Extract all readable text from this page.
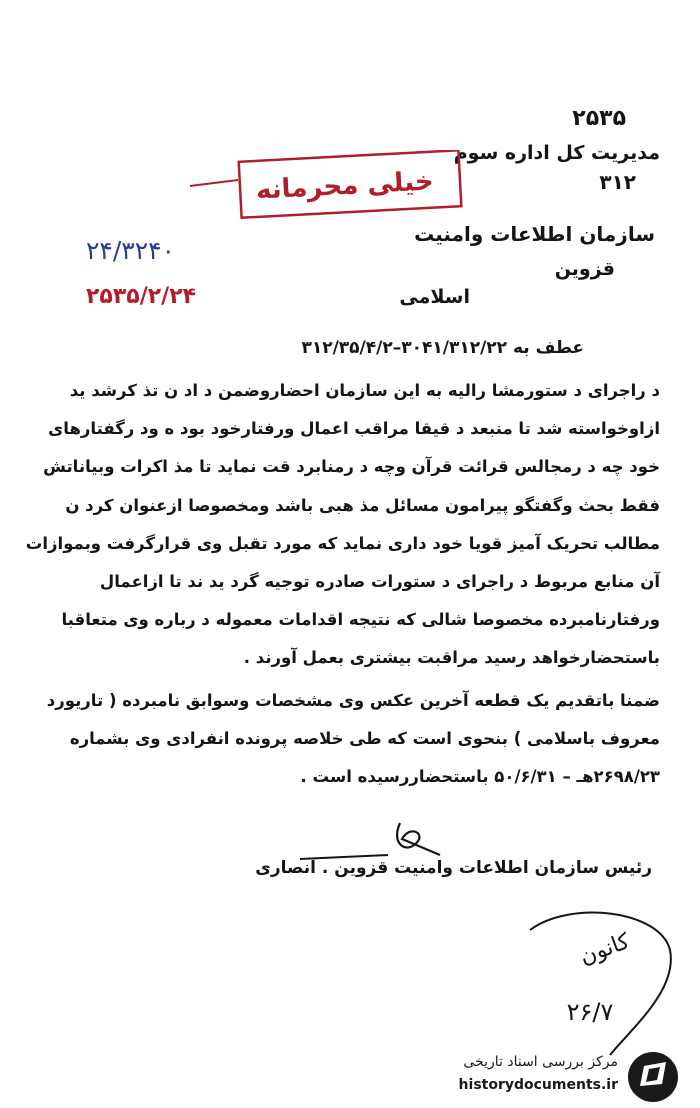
۲۵۳۵
مدیریت کل اداره سوم
۳۱۲
خیلی محرمانه
سازمان اطلاعات وامنیت
قزوین
اسلامی
۲۴/۳۲۴۰
۲۵۳۵/۲/۲۴
عطف به ۳۰۴۱/۳۱۲/۲۲–۳۱۲/۳۵/۴/۲

د راجرای د ستورمشا رالیه به این سازمان احضاروضمن د اد ن تذ کرشد ید

ازاوخواسته شد تا منبعد د قیقا مراقب اعمال ورفتارخود بود ه ود رگفتارهای

خود چه د رمجالس قرائت قرآن وچه د رمنابرد قت نماید تا مذ اکرات وبیاناتش

فقط بحث وگفتگو پیرامون مسائل مذ هبی باشد ومخصوصا ازعنوان کرد ن

مطالب تحریک آمیز قویا خود داری نماید که مورد تقبل وی قرارگرفت وبموازات

آن منابع مربوط د راجرای د ستورات صادره توجیه گرد ید ند تا ازاعمال

ورفتارنامبرده مخصوصا شالی که نتیجه اقدامات معموله د رباره وی متعاقبا

باستحضارخواهد رسید مراقبت بیشتری بعمل آورند .

ضمنا باتقدیم یک قطعه آخرین عکس وی مشخصات وسوابق نامبرده ( تاریورد

معروف باسلامی ) بنحوی است که طی خلاصه پرونده انفرادی وی بشماره

۲۶۹۸/۲۳هـ – ۵۰/۶/۳۱ باستحضاررسیده است .

رئیس سازمان اطلاعات وامنیت قزوین . انصاری
کانون
۲۶/۷
مرکز بررسی اسناد تاریخی
historydocuments.ir
